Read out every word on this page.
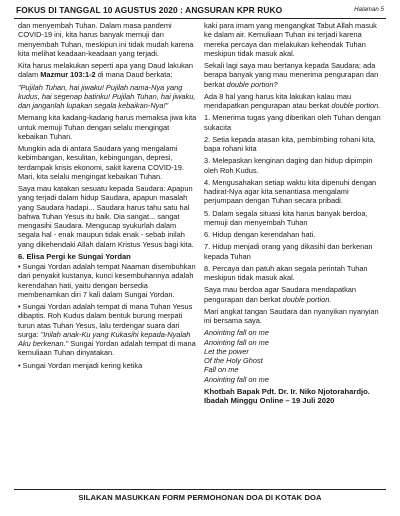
FOKUS DI TANGGAL 10 AGUSTUS 2020 : ANGSURAN KPR RUKO	Halaman 5

dan menyembah Tuhan. Dalam masa pandemi COVID-19 ini, kita harus banyak memuji dan menyembah Tuhan, meskipun ini tidak mudah karena kita melihat keadaan-keadaan yang terjadi.

Kita harus melakukan seperti apa yang Daud lakukan dalam Mazmur 103:1-2 di mana Daud berkata:

"Pujilah Tuhan, hai jiwaku! Pujilah nama-Nya yang kudus, hai segenap batinku! Pujilah Tuhan, hai jiwaku, dan janganlah lupakan segala kebaikan-Nya!"

Memang kita kadang-kadang harus memaksa jiwa kita untuk memuji Tuhan dengan selalu mengingat kebaikan Tuhan.

Mungkin ada di antara Saudara yang mengalami kebimbangan, kesulitan, kebingungan, depresi, terdampak krisis ekonomi, sakit karena COVID-19. Mari, kita selalu mengingat kebaikan Tuhan.

Saya mau katakan sesuatu kepada Saudara: Apapun yang terjadi dalam hidup Saudara, apapun masalah yang Saudara hadapi... Saudara harus tahu satu hal bahwa Tuhan Yesus itu baik. Dia sangat... sangat mengasihi Saudara. Mengucap syukurlah dalam segala hal - enak maupun tidak enak - sebab inilah yang dikehendaki Allah dalam Kristus Yesus bagi kita.

6. Elisa Pergi ke Sungai Yordan

• Sungai Yordan adalah tempat Naaman disembuhkan dari penyakit kustanya, kunci kesembuhannya adalah kerendahan hati, yaitu dengan bersedia membenamkan diri 7 kali dalam Sungai Yordan.

• Sungai Yordan adalah tempat di mana Tuhan Yesus dibaptis. Roh Kudus dalam bentuk burung merpati turun atas Tuhan Yesus, lalu terdengar suara dari surga: "Inilah anak-Ku yang Kukasihi kepada-Nyalah Aku berkenan." Sungai Yordan adalah tempat di mana kemuliaan Tuhan dinyatakan.

• Sungai Yordan menjadi kering ketika

kaki para imam yang mengangkat Tabut Allah masuk ke dalam air. Kemuliaan Tuhan ini terjadi karena mereka percaya dan melakukan kehendak Tuhan meskipun tidak masuk akal.

Sekali lagi saya mau bertanya kepada Saudara; ada berapa banyak yang mau menerima pengurapan dan berkat double portion?

Ada 8 hal yang harus kita lakukan kalau mau mendapatkan pengurapan atau berkat double portion.

1. Menerima tugas yang diberikan oleh Tuhan dengan sukacita

2. Setia kepada atasan kita, pembimbing rohani kita, bapa rohani kita

3. Melepaskan kenginan daging dan hidup dipimpin oleh Roh Kudus.

4. Mengusahakan setiap waktu kita dipenuhi dengan hadirat-Nya agar kita senantiasa mengalami perjumpaan dengan Tuhan secara pribadi.

5. Dalam segala situasi kita harus banyak berdoa, memuji dan menyembah Tuhan

6. Hidup dengan kerendahan hati.

7. Hidup menjadi orang yang dikasihi dan berkenan kepada Tuhan

8. Percaya dan patuh akan segala perintah Tuhan meskipun tidak masuk akal.

Saya mau berdoa agar Saudara mendapatkan pengurapan dan berkat double portion.

Mari angkat tangan Saudara dan nyanyikan nyanyian ini bersama saya.

Anointing fall on me
Anointing fall on me
Let the power
Of the Holy Ghost
Fall on me
Anointing fall on me

Khotbah Bapak Pdt. Dr. Ir. Niko Njotorahardjo. Ibadah Minggu Online – 19 Juli 2020
SILAKAN MASUKKAN FORM PERMOHONAN DOA DI KOTAK DOA
